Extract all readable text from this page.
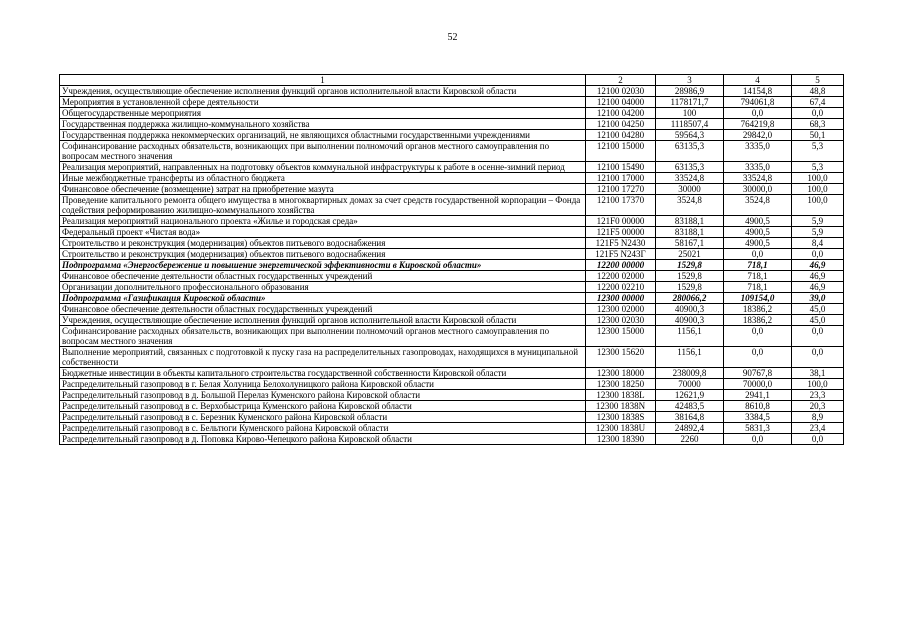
52
1	2	3	4	5
Учреждения, осуществляющие обеспечение исполнения функций органов исполнительной власти Кировской области	12100 02030	28986,9	14154,8	48,8
Мероприятия в установленной сфере деятельности	12100 04000	1178171,7	794061,8	67,4
Общегосударственные мероприятия	12100 04200	100	0,0	0,0
Государственная поддержка жилищно-коммунального хозяйства	12100 04250	1118507,4	764219,8	68,3
Государственная поддержка некоммерческих организаций, не являющихся областными государственными учреждениями	12100 04280	59564,3	29842,0	50,1
Софинансирование расходных обязательств, возникающих при выполнении полномочий органов местного самоуправления по вопросам местного значения	12100 15000	63135,3	3335,0	5,3
Реализация мероприятий, направленных на подготовку объектов коммунальной инфраструктуры к работе в осенне-зимний период	12100 15490	63135,3	3335,0	5,3
Иные межбюджетные трансферты из областного бюджета	12100 17000	33524,8	33524,8	100,0
Финансовое обеспечение (возмещение) затрат на приобретение мазута	12100 17270	30000	30000,0	100,0
Проведение капитального ремонта общего имущества в многоквартирных домах за счет средств государственной корпорации – Фонда содействия реформированию жилищно-коммунального хозяйства	12100 17370	3524,8	3524,8	100,0
Реализация мероприятий национального проекта «Жилье и городская среда»	121F0 00000	83188,1	4900,5	5,9
Федеральный проект «Чистая вода»	121F5 00000	83188,1	4900,5	5,9
Строительство и реконструкция (модернизация) объектов питьевого водоснабжения	121F5 N2430	58167,1	4900,5	8,4
Строительство и реконструкция (модернизация) объектов питьевого водоснабжения	121F5 N243Г	25021	0,0	0,0
Подпрограмма «Энергосбережение и повышение энергетической эффективности в Кировской области»	12200 00000	1529,8	718,1	46,9
Финансовое обеспечение деятельности областных государственных учреждений	12200 02000	1529,8	718,1	46,9
Организации дополнительного профессионального образования	12200 02210	1529,8	718,1	46,9
Подпрограмма «Газификация Кировской области»	12300 00000	280066,2	109154,0	39,0
Финансовое обеспечение деятельности областных государственных учреждений	12300 02000	40900,3	18386,2	45,0
Учреждения, осуществляющие обеспечение исполнения функций органов исполнительной власти Кировской области	12300 02030	40900,3	18386,2	45,0
Софинансирование расходных обязательств, возникающих при выполнении полномочий органов местного самоуправления по вопросам местного значения	12300 15000	1156,1	0,0	0,0
Выполнение мероприятий, связанных с подготовкой к пуску газа на распределительных газопроводах, находящихся в муниципальной собственности	12300 15620	1156,1	0,0	0,0
Бюджетные инвестиции в объекты капитального строительства государственной собственности Кировской области	12300 18000	238009,8	90767,8	38,1
Распределительный газопровод в г. Белая Холуница Белохолуницкого района Кировской области	12300 18250	70000	70000,0	100,0
Распределительный газопровод в д. Большой Перелаз Куменского района Кировской области	12300 1838L	12621,9	2941,1	23,3
Распределительный газопровод в с. Верхобыстрица Куменского района Кировской области	12300 1838N	42483,5	8610,8	20,3
Распределительный газопровод в с. Березник Куменского района Кировской области	12300 1838S	38164,8	3384,5	8,9
Распределительный газопровод в с. Бельтюги Куменского района Кировской области	12300 1838U	24892,4	5831,3	23,4
Распределительный газопровод в д. Поповка Кирово-Чепецкого района Кировской области	12300 18390	2260	0,0	0,0
